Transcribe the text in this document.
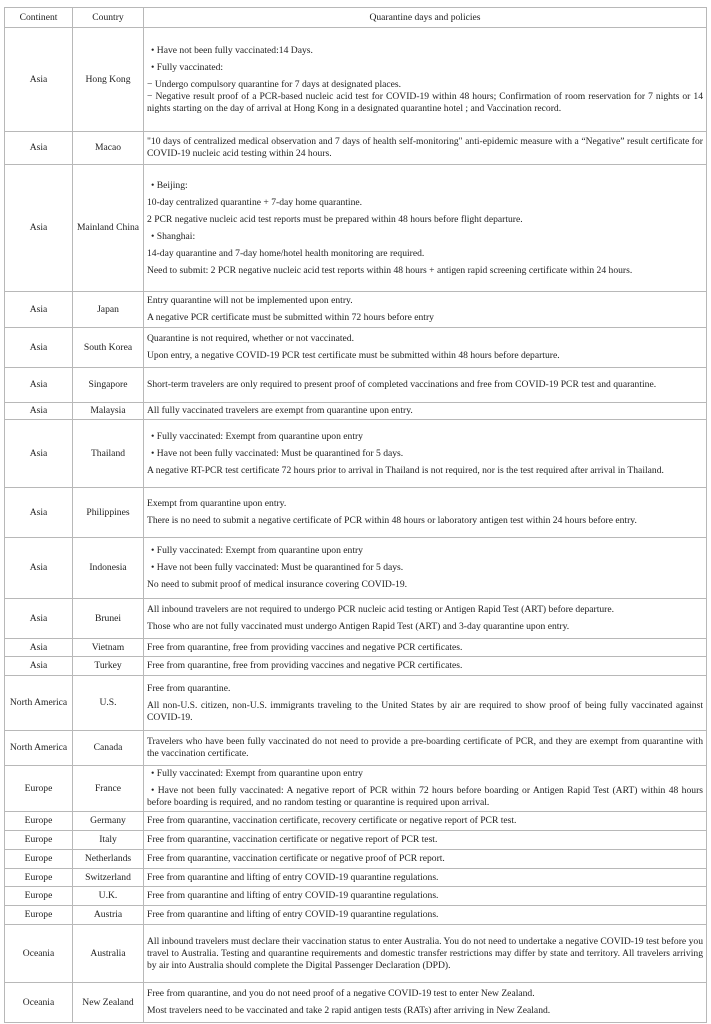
Continent	Country	Quarantine days and policies
Asia	Hong Kong	• Have not been fully vaccinated:14 Days.
• Fully vaccinated:
− Undergo compulsory quarantine for 7 days at designated places.
− Negative result proof of a PCR-based nucleic acid test for COVID-19 within 48 hours; Confirmation of room reservation for 7 nights or 14 nights starting on the day of arrival at Hong Kong in a designated quarantine hotel ; and Vaccination record.

Asia	Macao	"10 days of centralized medical observation and 7 days of health self-monitoring" anti-epidemic measure with a “Negative” result certificate for COVID-19 nucleic acid testing within 24 hours.

Asia	Mainland China	
• Beijing:
10-day centralized quarantine + 7-day home quarantine.
2 PCR negative nucleic acid test reports must be prepared within 48 hours before flight departure.
• Shanghai:
14-day quarantine and 7-day home/hotel health monitoring are required.
Need to submit: 2 PCR negative nucleic acid test reports within 48 hours + antigen rapid screening certificate within 24 hours.

Asia	Japan	Entry quarantine will not be implemented upon entry.
A negative PCR certificate must be submitted within 72 hours before entry

Asia	South Korea	Quarantine is not required, whether or not vaccinated.
Upon entry, a negative COVID-19 PCR test certificate must be submitted within 48 hours before departure.

Asia	Singapore	Short-term travelers are only required to present proof of completed vaccinations and free from COVID-19 PCR test and quarantine.

Asia	Malaysia	All fully vaccinated travelers are exempt from quarantine upon entry.

Asia	Thailand	• Fully vaccinated: Exempt from quarantine upon entry
• Have not been fully vaccinated: Must be quarantined for 5 days.
A negative RT-PCR test certificate 72 hours prior to arrival in Thailand is not required, nor is the test required after arrival in Thailand.

Asia	Philippines	Exempt from quarantine upon entry.
There is no need to submit a negative certificate of PCR within 48 hours or laboratory antigen test within 24 hours before entry.

Asia	Indonesia	• Fully vaccinated: Exempt from quarantine upon entry
• Have not been fully vaccinated: Must be quarantined for 5 days.
No need to submit proof of medical insurance covering COVID-19.

Asia	Brunei	All inbound travelers are not required to undergo PCR nucleic acid testing or Antigen Rapid Test (ART) before departure.
Those who are not fully vaccinated must undergo Antigen Rapid Test (ART) and 3-day quarantine upon entry.

Asia	Vietnam	Free from quarantine, free from providing vaccines and negative PCR certificates.

Asia	Turkey	Free from quarantine, free from providing vaccines and negative PCR certificates.

North America	U.S.	Free from quarantine.
All non-U.S. citizen, non-U.S. immigrants traveling to the United States by air are required to show proof of being fully vaccinated against COVID-19.

North America	Canada	Travelers who have been fully vaccinated do not need to provide a pre-boarding certificate of PCR, and they are exempt from quarantine with the vaccination certificate.

Europe	France	• Fully vaccinated: Exempt from quarantine upon entry
• Have not been fully vaccinated: A negative report of PCR within 72 hours before boarding or Antigen Rapid Test (ART) within 48 hours before boarding is required, and no random testing or quarantine is required upon arrival.

Europe	Germany	Free from quarantine, vaccination certificate, recovery certificate or negative report of PCR test.

Europe	Italy	Free from quarantine, vaccination certificate or negative report of PCR test.

Europe	Netherlands	Free from quarantine, vaccination certificate or negative proof of PCR report.

Europe	Switzerland	Free from quarantine and lifting of entry COVID-19 quarantine regulations.

Europe	U.K.	Free from quarantine and lifting of entry COVID-19 quarantine regulations.

Europe	Austria	Free from quarantine and lifting of entry COVID-19 quarantine regulations.

Oceania	Australia	All inbound travelers must declare their vaccination status to enter Australia. You do not need to undertake a negative COVID-19 test before you travel to Australia. Testing and quarantine requirements and domestic transfer restrictions may differ by state and territory. All travelers arriving by air into Australia should complete the Digital Passenger Declaration (DPD).

Oceania	New Zealand	Free from quarantine, and you do not need proof of a negative COVID-19 test to enter New Zealand.
Most travelers need to be vaccinated and take 2 rapid antigen tests (RATs) after arriving in New Zealand.
